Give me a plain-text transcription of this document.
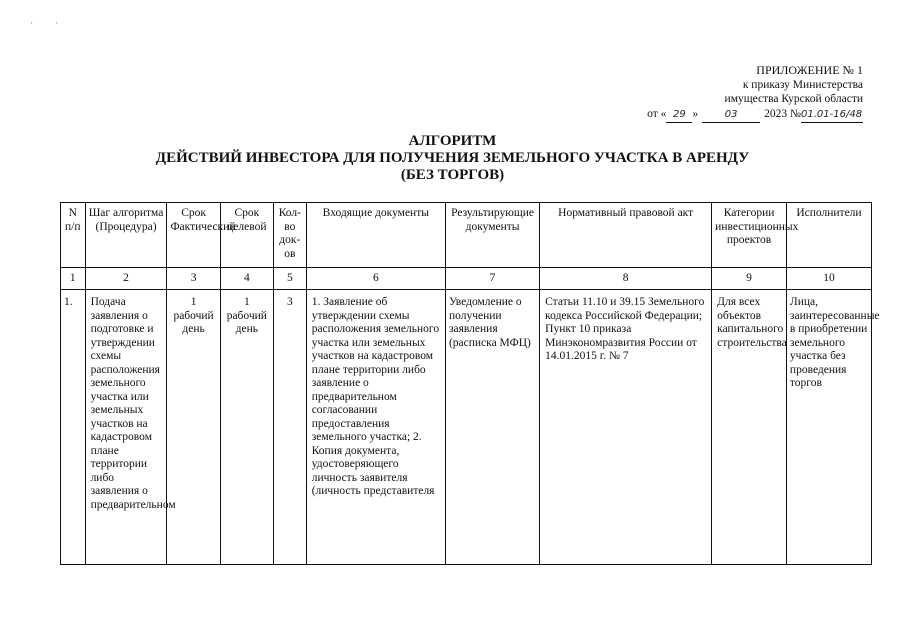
· ·
ПРИЛОЖЕНИЕ № 1
к приказу Министерства
имущества Курской области
от « 29 »	03 2023 №01.01-16/48
АЛГОРИТМ
ДЕЙСТВИЙ ИНВЕСТОРА ДЛЯ ПОЛУЧЕНИЯ ЗЕМЕЛЬНОГО УЧАСТКА В АРЕНДУ
(БЕЗ ТОРГОВ)
N п/п	Шаг алгоритма (Процедура)	Срок Фактический	Срок целевой	Кол-во док-ов	Входящие документы	Результирующие документы	Нормативный правовой акт	Категории инвестиционных проектов	Исполнители
1	2	3	4	5	6	7	8	9	10
1.	Подача заявления о подготовке и утверждении схемы расположения земельного участка или земельных участков на кадастровом плане территории либо заявления о предварительном	1 рабочий день	1 рабочий день	3	1. Заявление об утверждении схемы расположения земельного участка или земельных участков на кадастровом плане территории либо заявление о предварительном согласовании предоставления земельного участка; 2. Копия документа, удостоверяющего личность заявителя (личность представителя	Уведомление о получении заявления (расписка МФЦ)	Статьи 11.10 и 39.15 Земельного кодекса Российской Федерации; Пункт 10 приказа Минэкономразвития России от 14.01.2015 г. № 7	Для всех объектов капитального строительства	Лица, заинтересованные в приобретении земельного участка без проведения торгов
